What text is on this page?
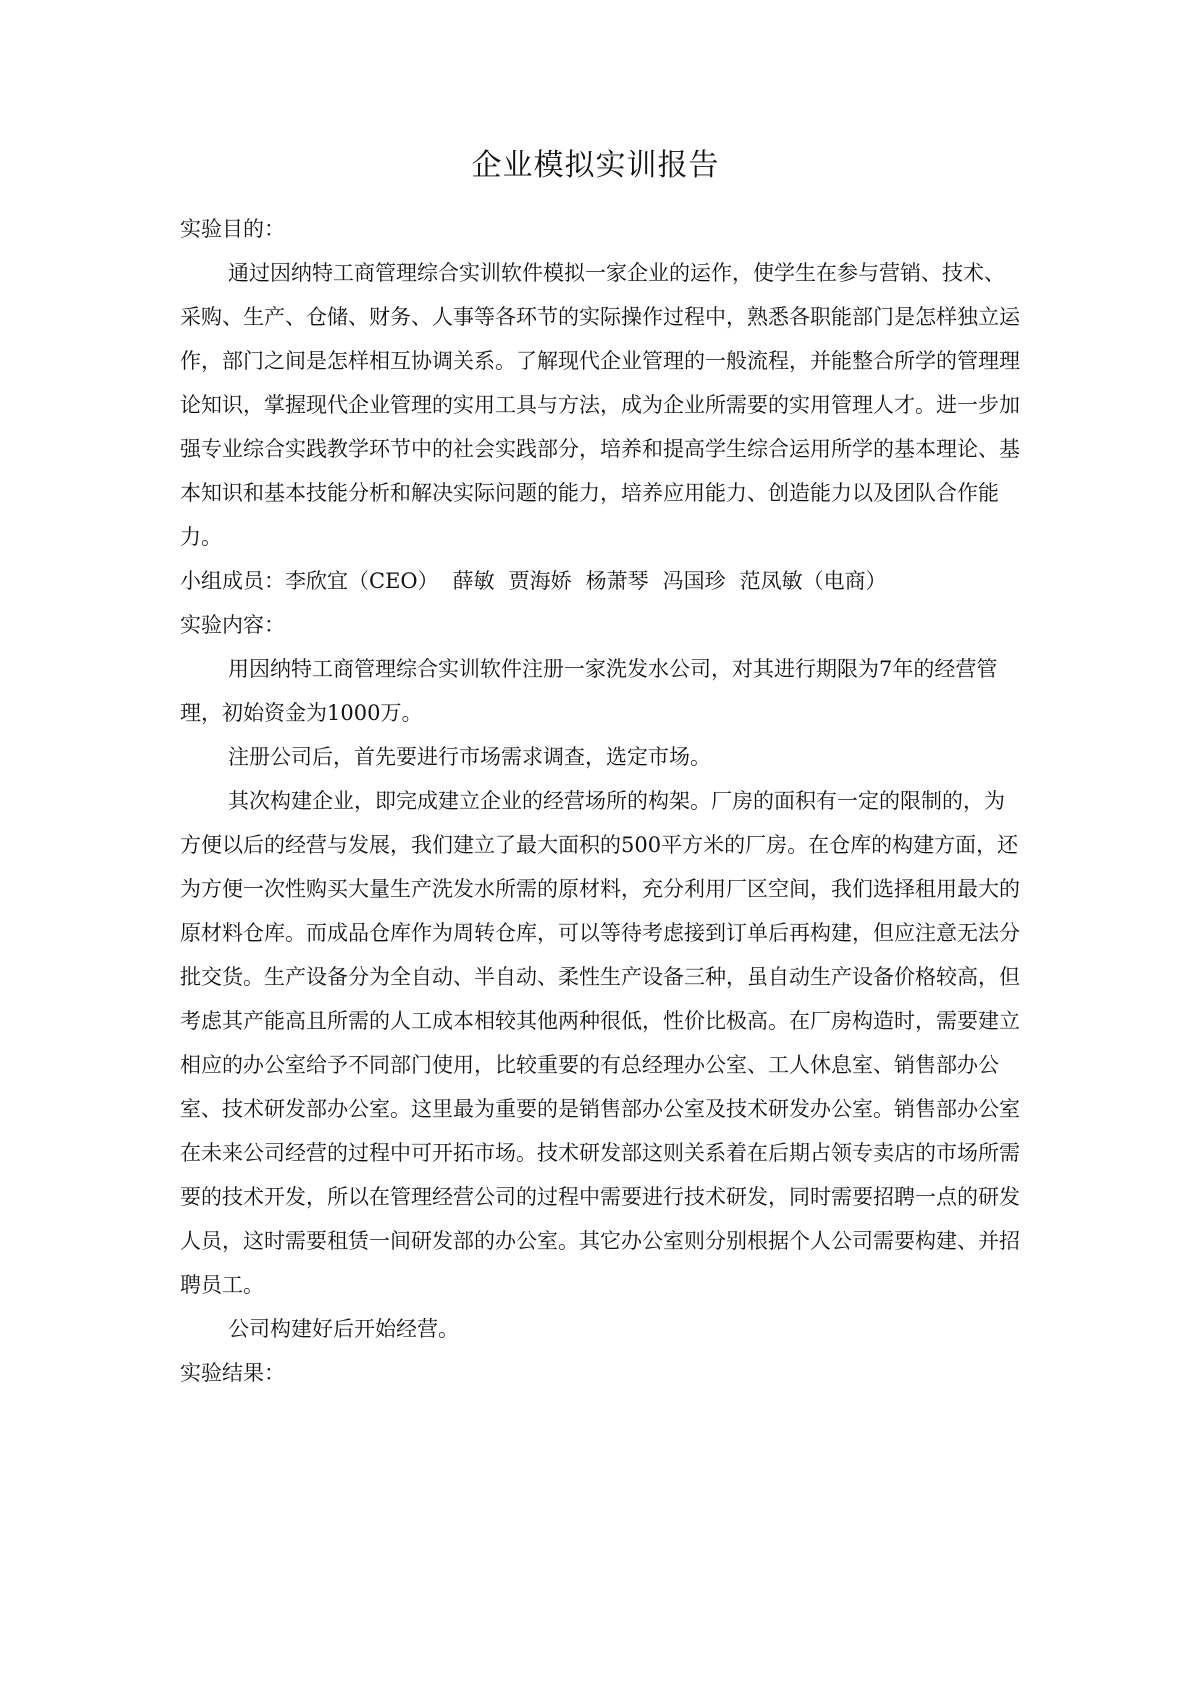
企业模拟实训报告

实验目的：

通过因纳特工商管理综合实训软件模拟一家企业的运作，使学生在参与营销、技术、采购、生产、仓储、财务、人事等各环节的实际操作过程中，熟悉各职能部门是怎样独立运作，部门之间是怎样相互协调关系。了解现代企业管理的一般流程，并能整合所学的管理理论知识，掌握现代企业管理的实用工具与方法，成为企业所需要的实用管理人才。进一步加强专业综合实践教学环节中的社会实践部分，培养和提高学生综合运用所学的基本理论、基本知识和基本技能分析和解决实际问题的能力，培养应用能力、创造能力以及团队合作能力。

小组成员：李欣宜（CEO） 薛敏 贾海娇 杨萧琴 冯国珍 范凤敏（电商）

实验内容：

用因纳特工商管理综合实训软件注册一家洗发水公司，对其进行期限为7年的经营管理，初始资金为1000万。

注册公司后，首先要进行市场需求调查，选定市场。

其次构建企业，即完成建立企业的经营场所的构架。厂房的面积有一定的限制的，为方便以后的经营与发展，我们建立了最大面积的500平方米的厂房。在仓库的构建方面，还为方便一次性购买大量生产洗发水所需的原材料，充分利用厂区空间，我们选择租用最大的原材料仓库。而成品仓库作为周转仓库，可以等待考虑接到订单后再构建，但应注意无法分批交货。生产设备分为全自动、半自动、柔性生产设备三种，虽自动生产设备价格较高，但考虑其产能高且所需的人工成本相较其他两种很低，性价比极高。在厂房构造时，需要建立相应的办公室给予不同部门使用，比较重要的有总经理办公室、工人休息室、销售部办公室、技术研发部办公室。这里最为重要的是销售部办公室及技术研发办公室。销售部办公室在未来公司经营的过程中可开拓市场。技术研发部这则关系着在后期占领专卖店的市场所需要的技术开发，所以在管理经营公司的过程中需要进行技术研发，同时需要招聘一点的研发人员，这时需要租赁一间研发部的办公室。其它办公室则分别根据个人公司需要构建、并招聘员工。

公司构建好后开始经营。

实验结果：
